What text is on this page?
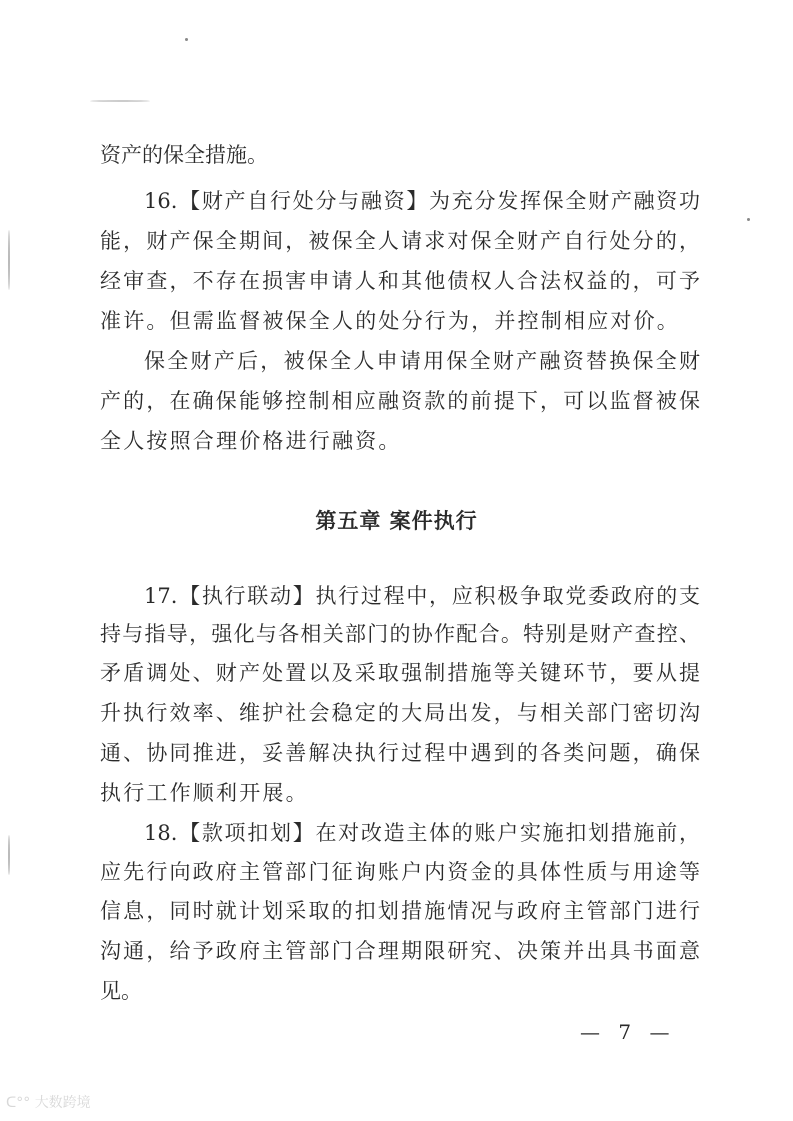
资产的保全措施。
16.【财产自行处分与融资】为充分发挥保全财产融资功
能，财产保全期间，被保全人请求对保全财产自行处分的，
经审查，不存在损害申请人和其他债权人合法权益的，可予
准许。但需监督被保全人的处分行为，并控制相应对价。
保全财产后，被保全人申请用保全财产融资替换保全财
产的，在确保能够控制相应融资款的前提下，可以监督被保
全人按照合理价格进行融资。
第五章 案件执行
17.【执行联动】执行过程中，应积极争取党委政府的支
持与指导，强化与各相关部门的协作配合。特别是财产查控、
矛盾调处、财产处置以及采取强制措施等关键环节，要从提
升执行效率、维护社会稳定的大局出发，与相关部门密切沟
通、协同推进，妥善解决执行过程中遇到的各类问题，确保
执行工作顺利开展。
18.【款项扣划】在对改造主体的账户实施扣划措施前，
应先行向政府主管部门征询账户内资金的具体性质与用途等
信息，同时就计划采取的扣划措施情况与政府主管部门进行
沟通，给予政府主管部门合理期限研究、决策并出具书面意
见。
— 7 —
ᑕ°° 大数跨境
